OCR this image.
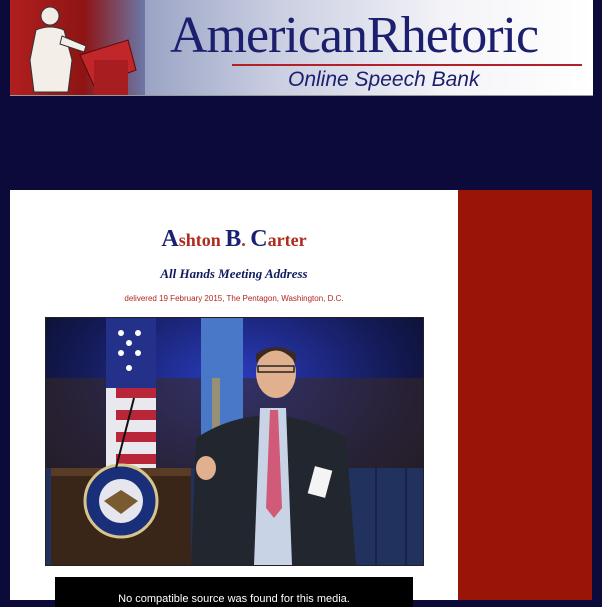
AmericanRhetoric
Online Speech Bank
Ashton B. Carter
All Hands Meeting Address
delivered 19 February 2015, The Pentagon, Washington, D.C.
No compatible source was found for this media.
